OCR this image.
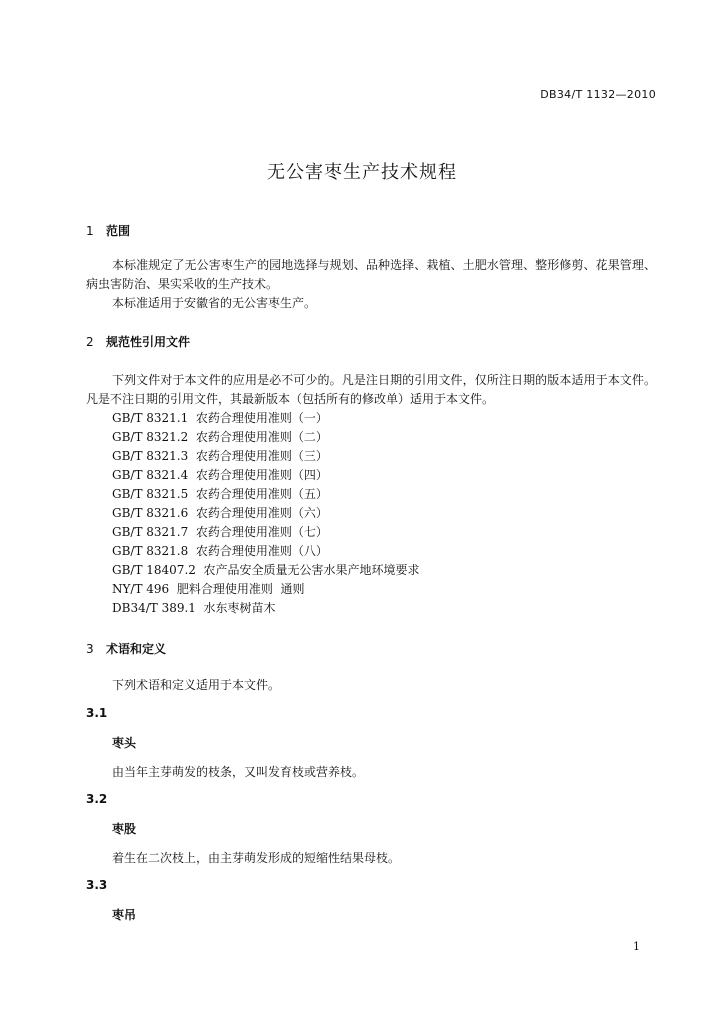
DB34/T 1132—2010
无公害枣生产技术规程
1 范围
本标准规定了无公害枣生产的园地选择与规划、品种选择、栽植、土肥水管理、整形修剪、花果管理、病虫害防治、果实采收的生产技术。
本标准适用于安徽省的无公害枣生产。
2 规范性引用文件
下列文件对于本文件的应用是必不可少的。凡是注日期的引用文件，仅所注日期的版本适用于本文件。凡是不注日期的引用文件，其最新版本（包括所有的修改单）适用于本文件。
GB/T 8321.1  农药合理使用准则（一）
GB/T 8321.2  农药合理使用准则（二）
GB/T 8321.3  农药合理使用准则（三）
GB/T 8321.4  农药合理使用准则（四）
GB/T 8321.5  农药合理使用准则（五）
GB/T 8321.6  农药合理使用准则（六）
GB/T 8321.7  农药合理使用准则（七）
GB/T 8321.8  农药合理使用准则（八）
GB/T 18407.2  农产品安全质量无公害水果产地环境要求
NY/T 496  肥料合理使用准则  通则
DB34/T 389.1  水东枣树苗木
3 术语和定义
下列术语和定义适用于本文件。
3.1
枣头
由当年主芽萌发的枝条，又叫发育枝或营养枝。
3.2
枣股
着生在二次枝上，由主芽萌发形成的短缩性结果母枝。
3.3
枣吊
1
